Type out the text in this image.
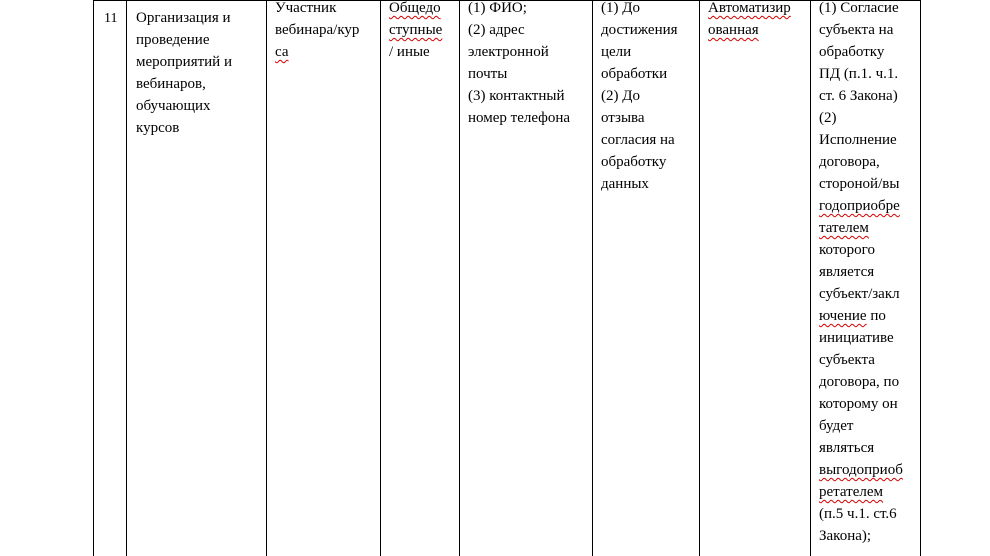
11 Организация и
проведение
мероприятий и
вебинаров,
обучающих
курсов
Участник
вебинара/кур
са
Общедо
ступные
/ иные
(1) ФИО;
(2) адрес
электронной
почты
(3) контактный
номер телефона
(1) До
достижения
цели
обработки
(2) До
отзыва
согласия на
обработку
данных
Автоматизир
ованная
(1) Согласие
субъекта на
обработку
ПД (п.1. ч.1.
ст. 6 Закона)
(2)
Исполнение
договора,
стороной/вы
годоприобре
тателем
которого
является
субъект/закл
ючение по
инициативе
субъекта
договора, по
которому он
будет
являться
выгодоприоб
ретателем
(п.5 ч.1. ст.6
Закона);
